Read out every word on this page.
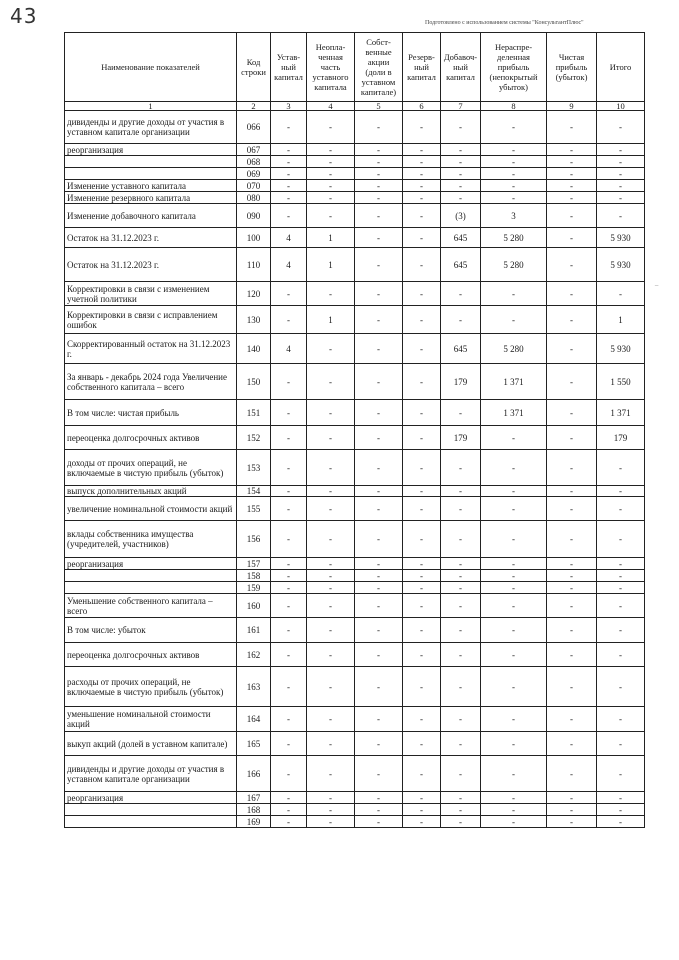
43	Подготовлено с использованием системы "КонсультантПлюс"
Наименование показателей	Код строки	Устав-ный капитал	Неопла-ченная часть уставного капитала	Собст-венные акции (доли в уставном капитале)	Резерв-ный капитал	Добавоч-ный капитал	Нераспре-деленная прибыль (непокрытый убыток)	Чистая прибыль (убыток)	Итого
1	2	3	4	5	6	7	8	9	10
дивиденды и другие доходы от участия в уставном капитале организации	066	-	-	-	-	-	-	-	-
реорганизация	067	-	-	-	-	-	-	-	-
	068	-	-	-	-	-	-	-	-
	069	-	-	-	-	-	-	-	-
Изменение уставного капитала	070	-	-	-	-	-	-	-	-
Изменение резервного капитала	080	-	-	-	-	-	-	-	-
Изменение добавочного капитала	090	-	-	-	-	(3)	3	-	-
Остаток на 31.12.2023 г.	100	4	1	-	-	645	5 280	-	5 930
Остаток на 31.12.2023 г.	110	4	1	-	-	645	5 280	-	5 930
Корректировки в связи с изменением учетной политики	120	-	-	-	-	-	-	-	-
Корректировки в связи с исправлением ошибок	130	-	1	-	-	-	-	-	1
Скорректированный остаток на 31.12.2023 г.	140	4	-	-	-	645	5 280	-	5 930
За январь - декабрь 2024 года Увеличение собственного капитала – всего	150	-	-	-	-	179	1 371	-	1 550
В том числе: чистая прибыль	151	-	-	-	-	-	1 371	-	1 371
переоценка долгосрочных активов	152	-	-	-	-	179	-	-	179
доходы от прочих операций, не включаемые в чистую прибыль (убыток)	153	-	-	-	-	-	-	-	-
выпуск дополнительных акций	154	-	-	-	-	-	-	-	-
увеличение номинальной стоимости акций	155	-	-	-	-	-	-	-	-
вклады собственника имущества (учредителей, участников)	156	-	-	-	-	-	-	-	-
реорганизация	157	-	-	-	-	-	-	-	-
	158	-	-	-	-	-	-	-	-
	159	-	-	-	-	-	-	-	-
Уменьшение собственного капитала – всего	160	-	-	-	-	-	-	-	-
В том числе: убыток	161	-	-	-	-	-	-	-	-
переоценка долгосрочных активов	162	-	-	-	-	-	-	-	-
расходы от прочих операций, не включаемые в чистую прибыль (убыток)	163	-	-	-	-	-	-	-	-
уменьшение номинальной стоимости акций	164	-	-	-	-	-	-	-	-
выкуп акций (долей в уставном капитале)	165	-	-	-	-	-	-	-	-
дивиденды и другие доходы от участия в уставном капитале организации	166	-	-	-	-	-	-	-	-
реорганизация	167	-	-	-	-	-	-	-	-
	168	-	-	-	-	-	-	-	-
	169	-	-	-	-	-	-	-	-
⁻
